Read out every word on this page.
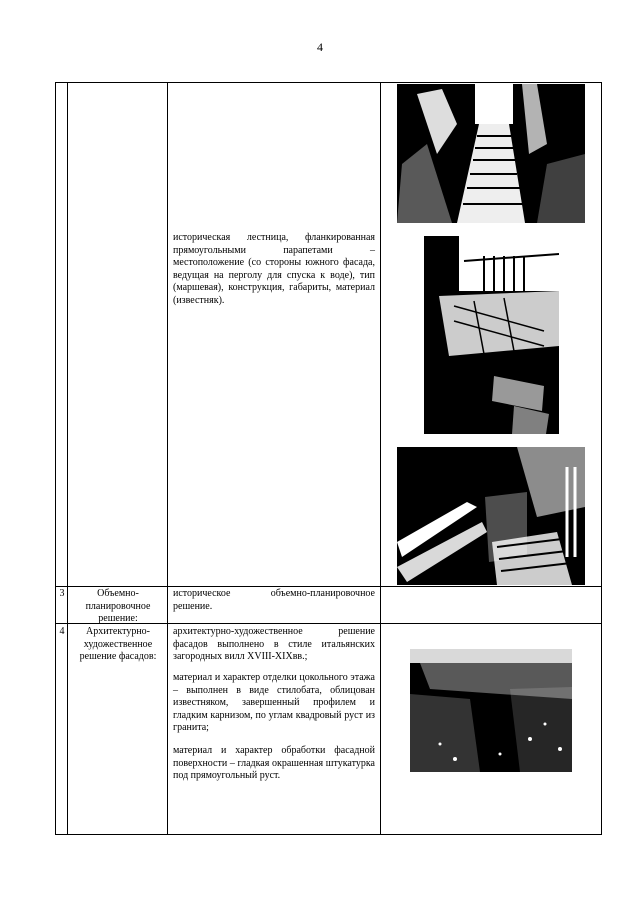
4
историческая лестница, фланкированная прямоугольными парапетами – местоположение (со стороны южного фасада, ведущая на перголу для спуска к воде), тип (маршевая), конструкция, габариты, материал (известняк).
3	Объемно-планировочное решение:
историческое объемно-планировочное решение.
4	Архитектурно-художественное решение фасадов:
архитектурно-художественное решение фасадов выполнено в стиле итальянских загородных вилл XVIII-XIXвв.;
материал и характер отделки цокольного этажа – выполнен в виде стилобата, облицован известняком, завершенный профилем и гладким карнизом, по углам квадровый руст из гранита;
материал и характер обработки фасадной поверхности – гладкая окрашенная штукатурка под прямоугольный руст.
